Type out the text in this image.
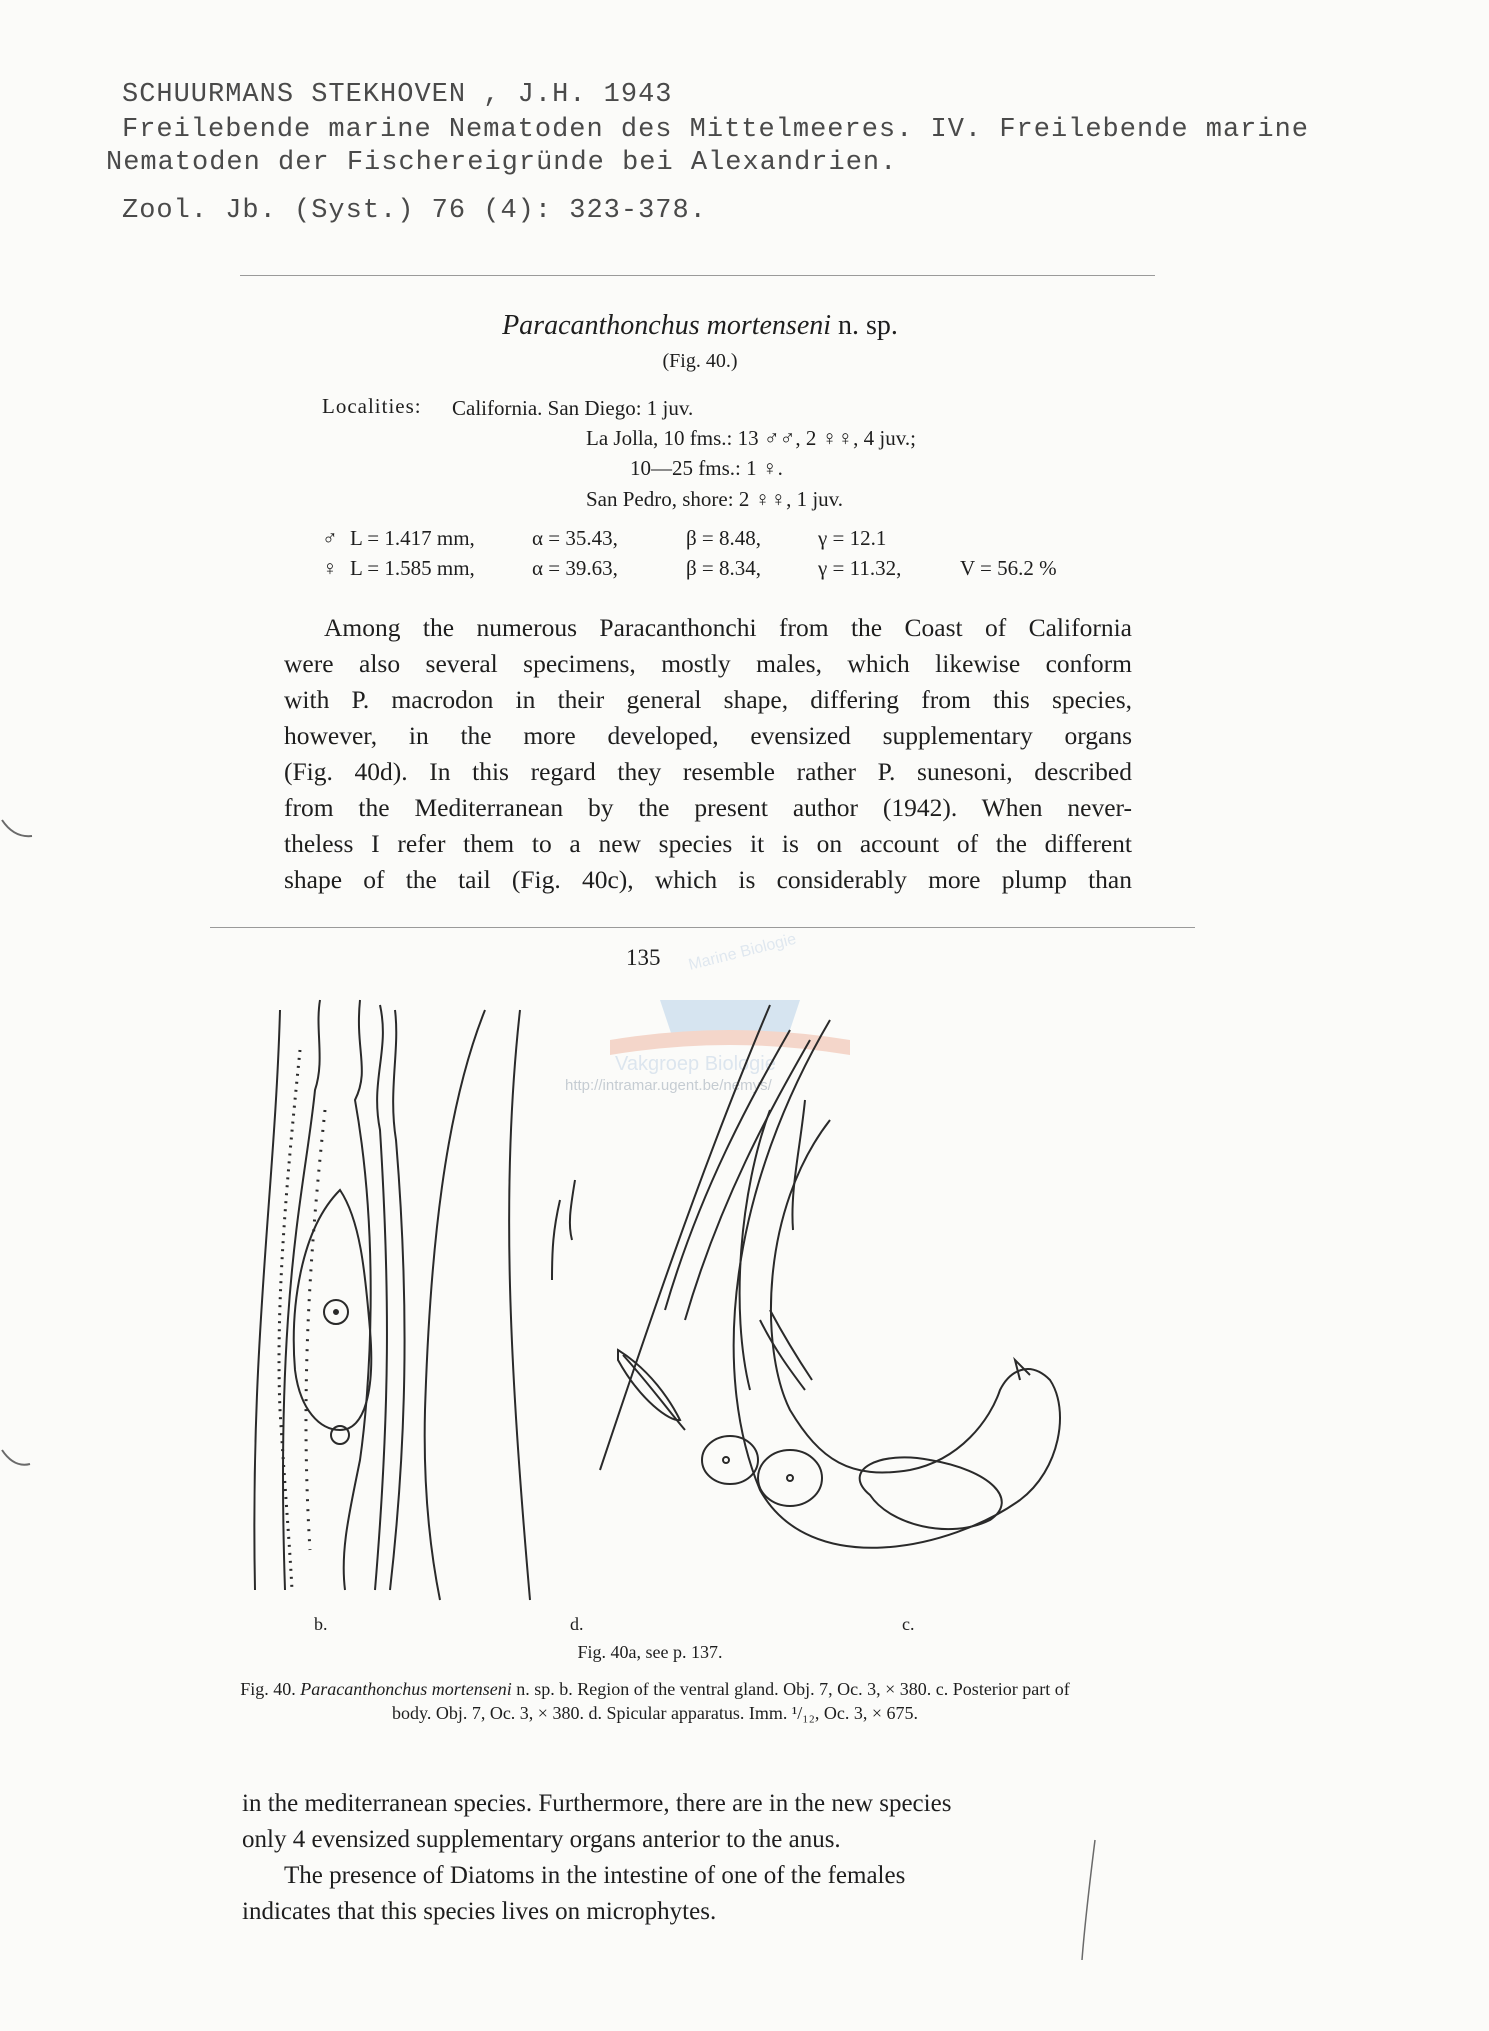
SCHUURMANS STEKHOVEN , J.H. 1943
Freilebende marine Nematoden des Mittelmeeres. IV. Freilebende marine
Nematoden der Fischereigründe bei Alexandrien.
Zool. Jb. (Syst.) 76 (4): 323-378.
Paracanthonchus mortenseni n. sp.
(Fig. 40.)
Localities: California. San Diego: 1 juv.
La Jolla, 10 fms.: 13 ♂♂, 2 ♀♀, 4 juv.;
10—25 fms.: 1 ♀.
San Pedro, shore: 2 ♀♀, 1 juv.
♂ L = 1.417 mm,	α = 35.43,	β = 8.48,	γ = 12.1
♀ L = 1.585 mm,	α = 39.63,	β = 8.34,	γ = 11.32,	V = 56.2 %

Among the numerous Paracanthonchi from the Coast of California

were also several specimens, mostly males, which likewise conform

with P. macrodon in their general shape, differing from this species,

however, in the more developed, evensized supplementary organs

(Fig. 40d). In this regard they resemble rather P. sunesoni, described

from the Mediterranean by the present author (1942). When never-

theless I refer them to a new species it is on account of the different

shape of the tail (Fig. 40c), which is considerably more plump than

Marine Biologie
Vakgroep Biologie
http://intramar.ugent.be/nemys/
135
b.	d.	c.
Fig. 40a, see p. 137.
Fig. 40. Paracanthonchus mortenseni n. sp. b. Region of the ventral gland. Obj. 7, Oc. 3, × 380. c. Posterior part of body. Obj. 7, Oc. 3, × 380. d. Spicular apparatus. Imm. ¹/₁₂, Oc. 3, × 675.
in the mediterranean species. Furthermore, there are in the new species
only 4 evensized supplementary organs anterior to the anus.
The presence of Diatoms in the intestine of one of the females
indicates that this species lives on microphytes.
